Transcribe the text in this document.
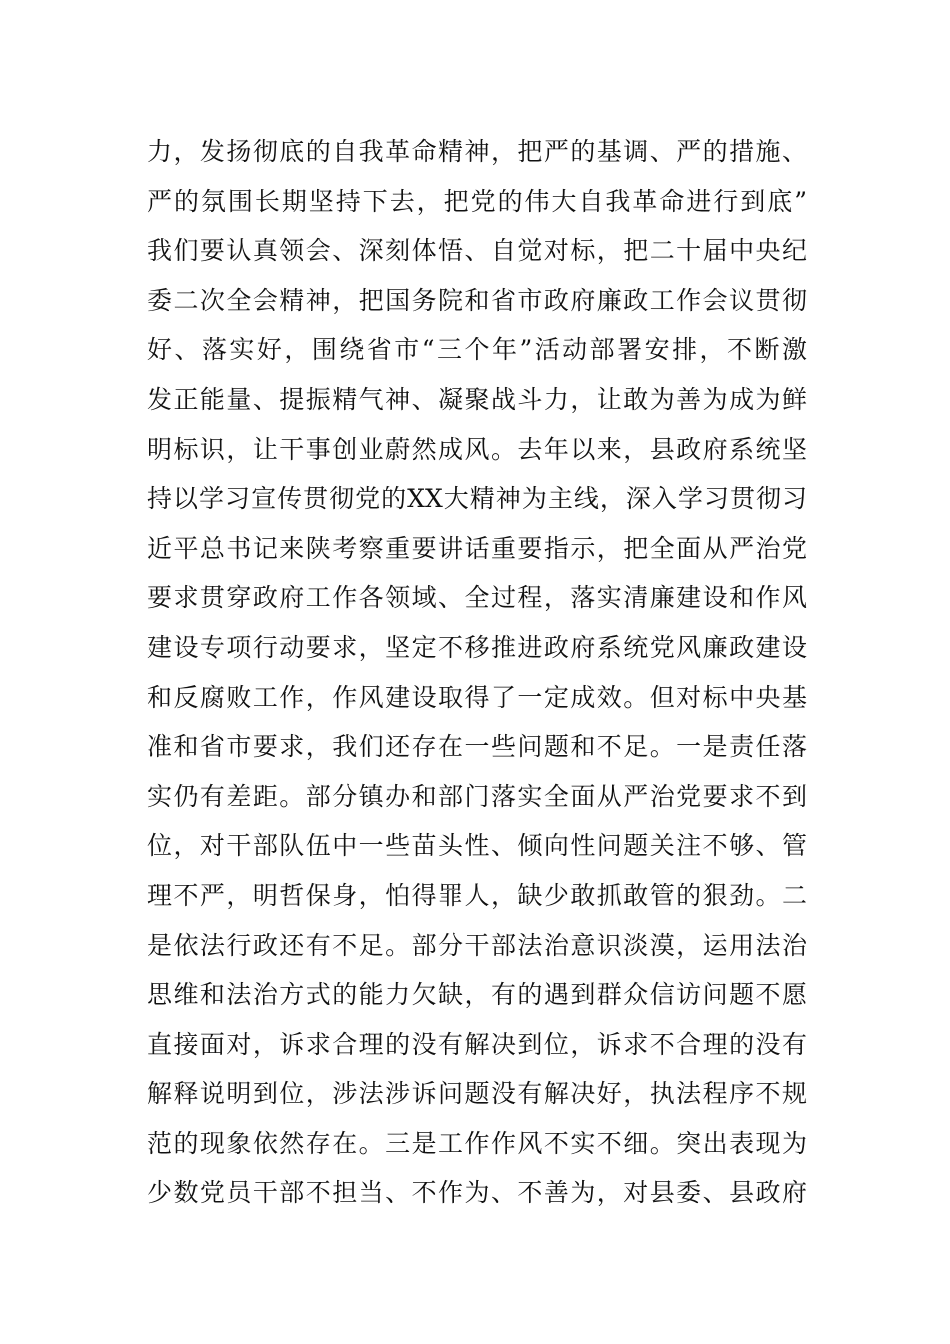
力，发扬彻底的自我革命精神，把严的基调、严的措施、
严的氛围长期坚持下去，把党的伟大自我革命进行到底”
我们要认真领会、深刻体悟、自觉对标，把二十届中央纪
委二次全会精神，把国务院和省市政府廉政工作会议贯彻
好、落实好，围绕省市“三个年”活动部署安排，不断激
发正能量、提振精气神、凝聚战斗力，让敢为善为成为鲜
明标识，让干事创业蔚然成风。去年以来，县政府系统坚
持以学习宣传贯彻党的XX大精神为主线，深入学习贯彻习
近平总书记来陕考察重要讲话重要指示，把全面从严治党
要求贯穿政府工作各领域、全过程，落实清廉建设和作风
建设专项行动要求，坚定不移推进政府系统党风廉政建设
和反腐败工作，作风建设取得了一定成效。但对标中央基
准和省市要求，我们还存在一些问题和不足。一是责任落
实仍有差距。部分镇办和部门落实全面从严治党要求不到
位，对干部队伍中一些苗头性、倾向性问题关注不够、管
理不严，明哲保身，怕得罪人，缺少敢抓敢管的狠劲。二
是依法行政还有不足。部分干部法治意识淡漠，运用法治
思维和法治方式的能力欠缺，有的遇到群众信访问题不愿
直接面对，诉求合理的没有解决到位，诉求不合理的没有
解释说明到位，涉法涉诉问题没有解决好，执法程序不规
范的现象依然存在。三是工作作风不实不细。突出表现为
少数党员干部不担当、不作为、不善为，对县委、县政府
